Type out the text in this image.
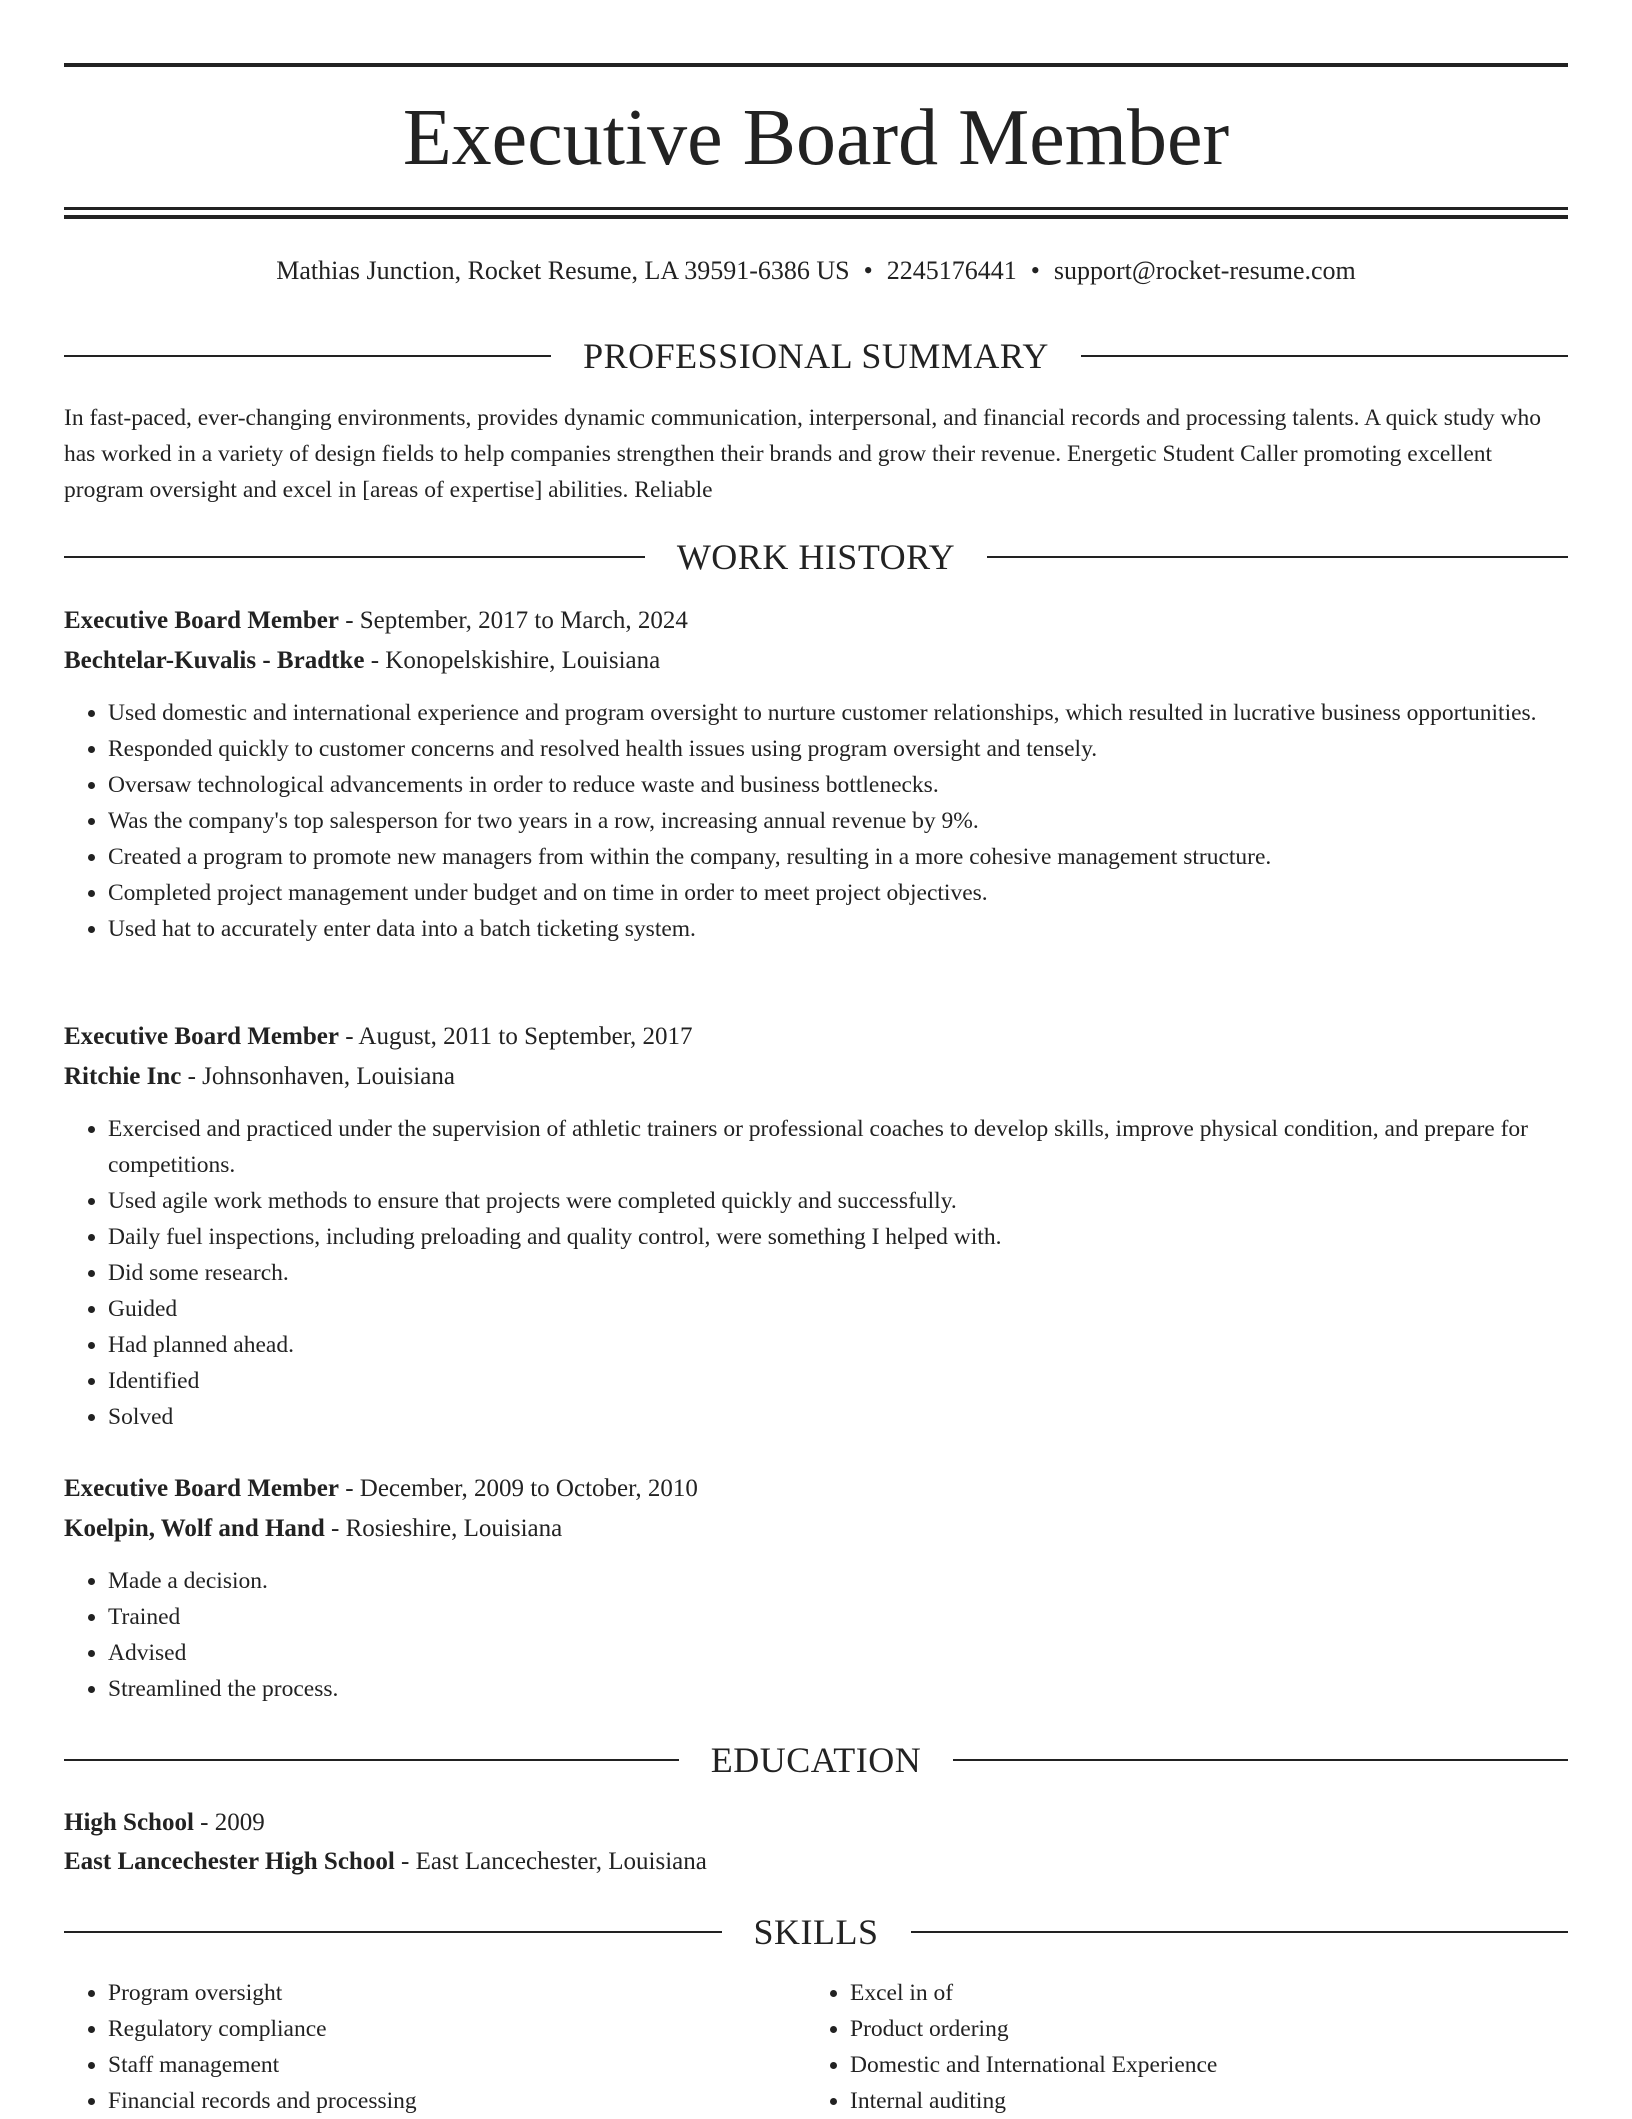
Executive Board Member
Mathias Junction, Rocket Resume, LA 39591-6386 US • 2245176441 • support@rocket-resume.com
PROFESSIONAL SUMMARY
In fast-paced, ever-changing environments, provides dynamic communication, interpersonal, and financial records and processing talents. A quick study who has worked in a variety of design fields to help companies strengthen their brands and grow their revenue. Energetic Student Caller promoting excellent program oversight and excel in [areas of expertise] abilities. Reliable
WORK HISTORY
Executive Board Member - September, 2017 to March, 2024
Bechtelar-Kuvalis - Bradtke - Konopelskishire, Louisiana
• Used domestic and international experience and program oversight to nurture customer relationships, which resulted in lucrative business opportunities.
• Responded quickly to customer concerns and resolved health issues using program oversight and tensely.
• Oversaw technological advancements in order to reduce waste and business bottlenecks.
• Was the company's top salesperson for two years in a row, increasing annual revenue by 9%.
• Created a program to promote new managers from within the company, resulting in a more cohesive management structure.
• Completed project management under budget and on time in order to meet project objectives.
• Used hat to accurately enter data into a batch ticketing system.
Executive Board Member - August, 2011 to September, 2017
Ritchie Inc - Johnsonhaven, Louisiana
• Exercised and practiced under the supervision of athletic trainers or professional coaches to develop skills, improve physical condition, and prepare for competitions.
• Used agile work methods to ensure that projects were completed quickly and successfully.
• Daily fuel inspections, including preloading and quality control, were something I helped with.
• Did some research.
• Guided
• Had planned ahead.
• Identified
• Solved
Executive Board Member - December, 2009 to October, 2010
Koelpin, Wolf and Hand - Rosieshire, Louisiana
• Made a decision.
• Trained
• Advised
• Streamlined the process.
EDUCATION
High School - 2009
East Lancechester High School - East Lancechester, Louisiana
SKILLS
• Program oversight
• Regulatory compliance
• Staff management
• Financial records and processing
• Excel in of
• Product ordering
• Domestic and International Experience
• Internal auditing
